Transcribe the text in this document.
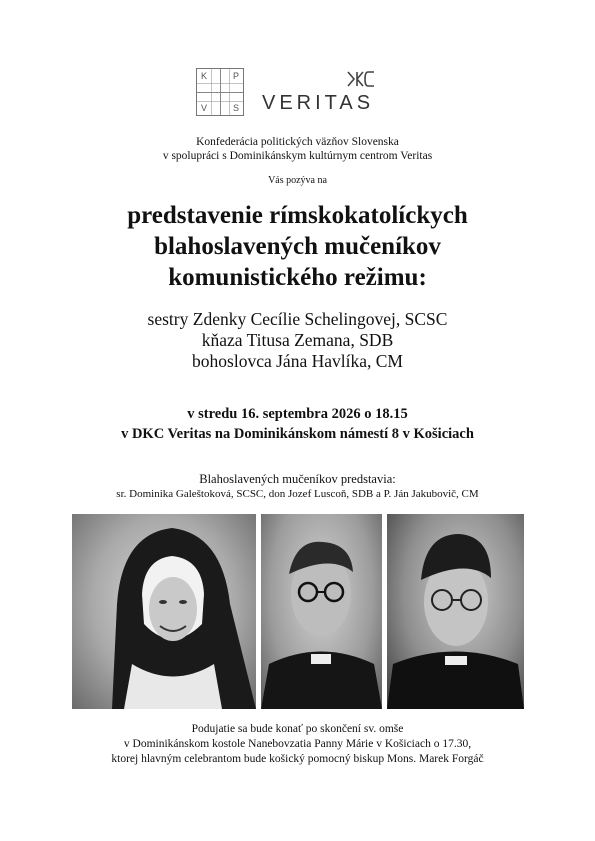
K	P
V	S VERITAS
Konfederácia politických väzňov Slovenska
v spolupráci s Dominikánskym kultúrnym centrom Veritas
Vás pozýva na
predstavenie rímskokatolíckych
blahoslavených mučeníkov
komunistického režimu:
sestry Zdenky Cecílie Schelingovej, SCSC
kňaza Titusa Zemana, SDB
bohoslovca Jána Havlíka, CM
v stredu 16. septembra 2026 o 18.15
v DKC Veritas na Dominikánskom námestí 8 v Košiciach
Blahoslavených mučeníkov predstavia:
sr. Dominika Galeštoková, SCSC, don Jozef Luscoň, SDB a P. Ján Jakubovič, CM
Podujatie sa bude konať po skončení sv. omše
v Dominikánskom kostole Nanebovzatia Panny Márie v Košiciach o 17.30,
ktorej hlavným celebrantom bude košický pomocný biskup Mons. Marek Forgáč
